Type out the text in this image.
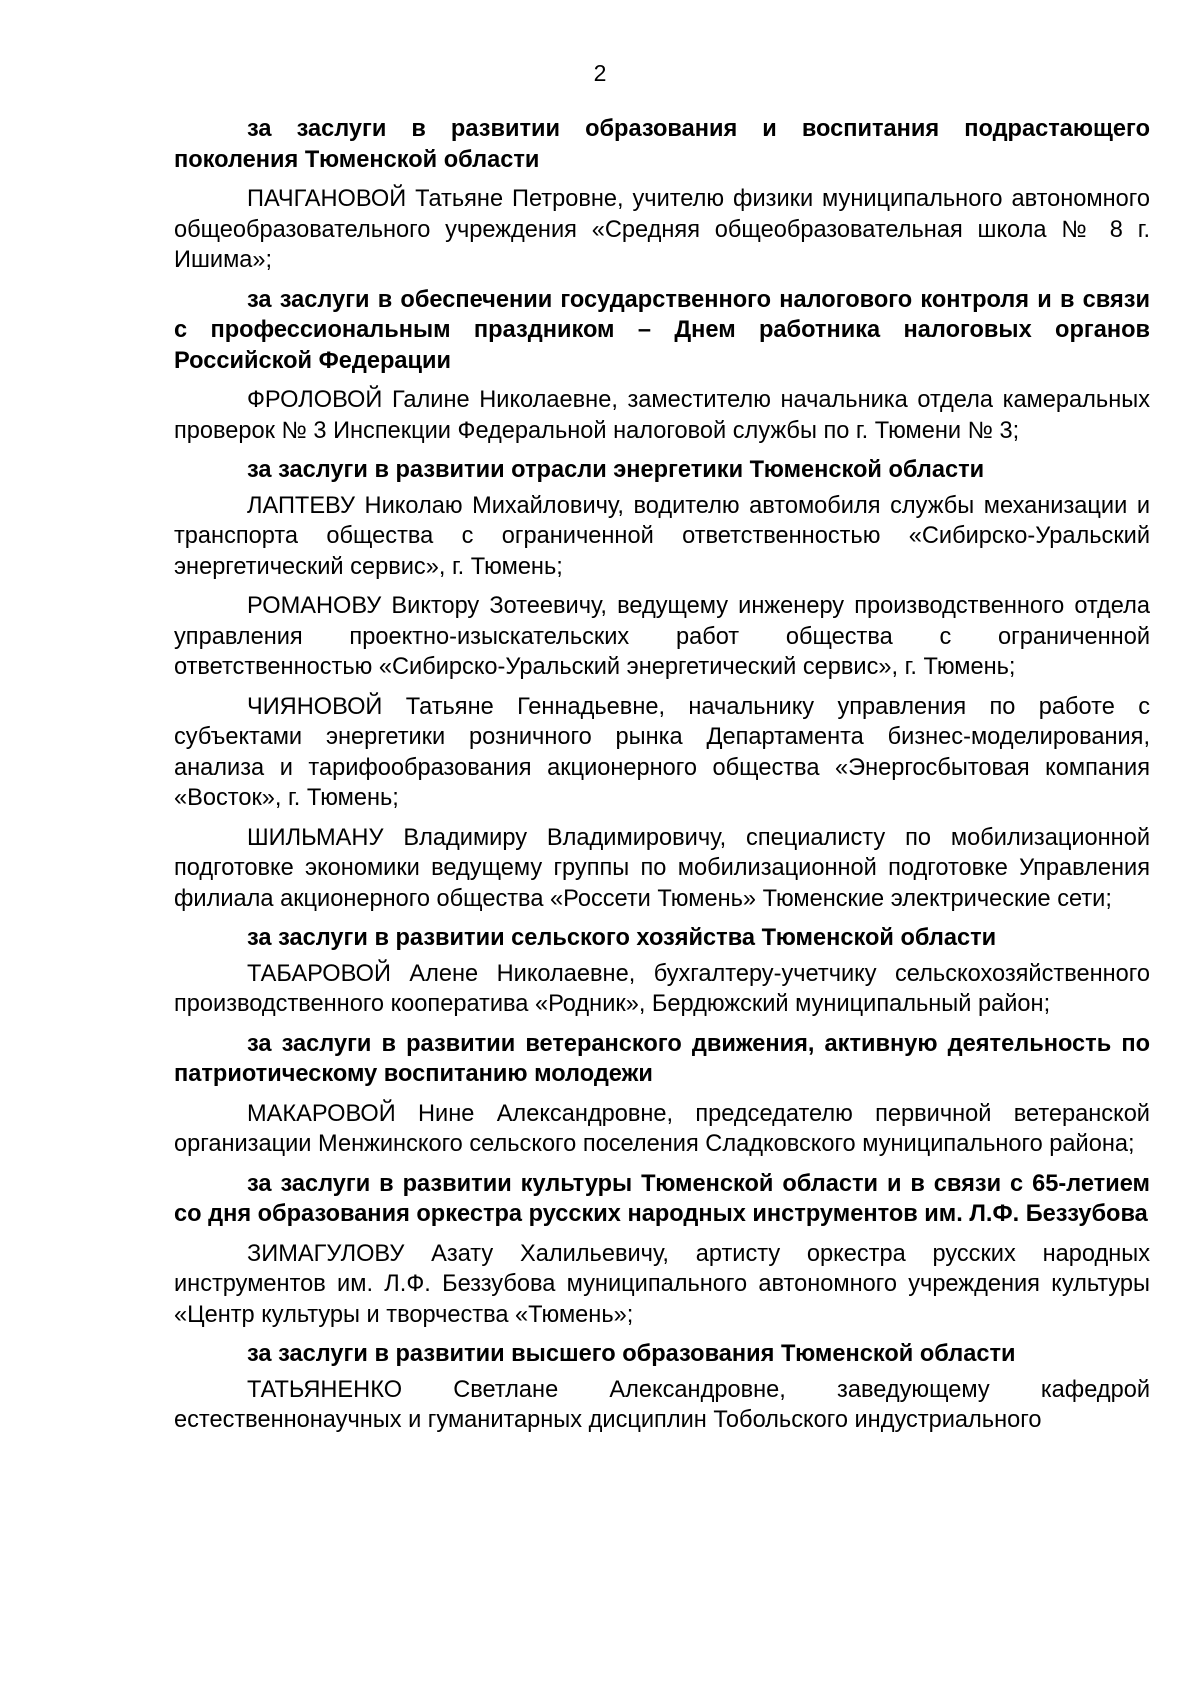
2

за заслуги в развитии образования и воспитания подрастающего поколения Тюменской области

ПАЧГАНОВОЙ Татьяне Петровне, учителю физики муниципального автономного общеобразовательного учреждения «Средняя общеобразовательная школа № 8 г. Ишима»;

за заслуги в обеспечении государственного налогового контроля и в связи с профессиональным праздником – Днем работника налоговых органов Российской Федерации

ФРОЛОВОЙ Галине Николаевне, заместителю начальника отдела камеральных проверок № 3 Инспекции Федеральной налоговой службы по г. Тюмени № 3;

за заслуги в развитии отрасли энергетики Тюменской области

ЛАПТЕВУ Николаю Михайловичу, водителю автомобиля службы механизации и транспорта общества с ограниченной ответственностью «Сибирско-Уральский энергетический сервис», г. Тюмень;

РОМАНОВУ Виктору Зотеевичу, ведущему инженеру производственного отдела управления проектно-изыскательских работ общества с ограниченной ответственностью «Сибирско-Уральский энергетический сервис», г. Тюмень;

ЧИЯНОВОЙ Татьяне Геннадьевне, начальнику управления по работе с субъектами энергетики розничного рынка Департамента бизнес-моделирования, анализа и тарифообразования акционерного общества «Энергосбытовая компания «Восток», г. Тюмень;

ШИЛЬМАНУ Владимиру Владимировичу, специалисту по мобилизационной подготовке экономики ведущему группы по мобилизационной подготовке Управления филиала акционерного общества «Россети Тюмень» Тюменские электрические сети;

за заслуги в развитии сельского хозяйства Тюменской области

ТАБАРОВОЙ Алене Николаевне, бухгалтеру-учетчику сельскохозяйственного производственного кооператива «Родник», Бердюжский муниципальный район;

за заслуги в развитии ветеранского движения, активную деятельность по патриотическому воспитанию молодежи

МАКАРОВОЙ Нине Александровне, председателю первичной ветеранской организации Менжинского сельского поселения Сладковского муниципального района;

за заслуги в развитии культуры Тюменской области и в связи с 65-летием со дня образования оркестра русских народных инструментов им. Л.Ф. Беззубова

ЗИМАГУЛОВУ Азату Халильевичу, артисту оркестра русских народных инструментов им. Л.Ф. Беззубова муниципального автономного учреждения культуры «Центр культуры и творчества «Тюмень»;

за заслуги в развитии высшего образования Тюменской области

ТАТЬЯНЕНКО Светлане Александровне, заведующему кафедрой естественнонаучных и гуманитарных дисциплин Тобольского индустриального
